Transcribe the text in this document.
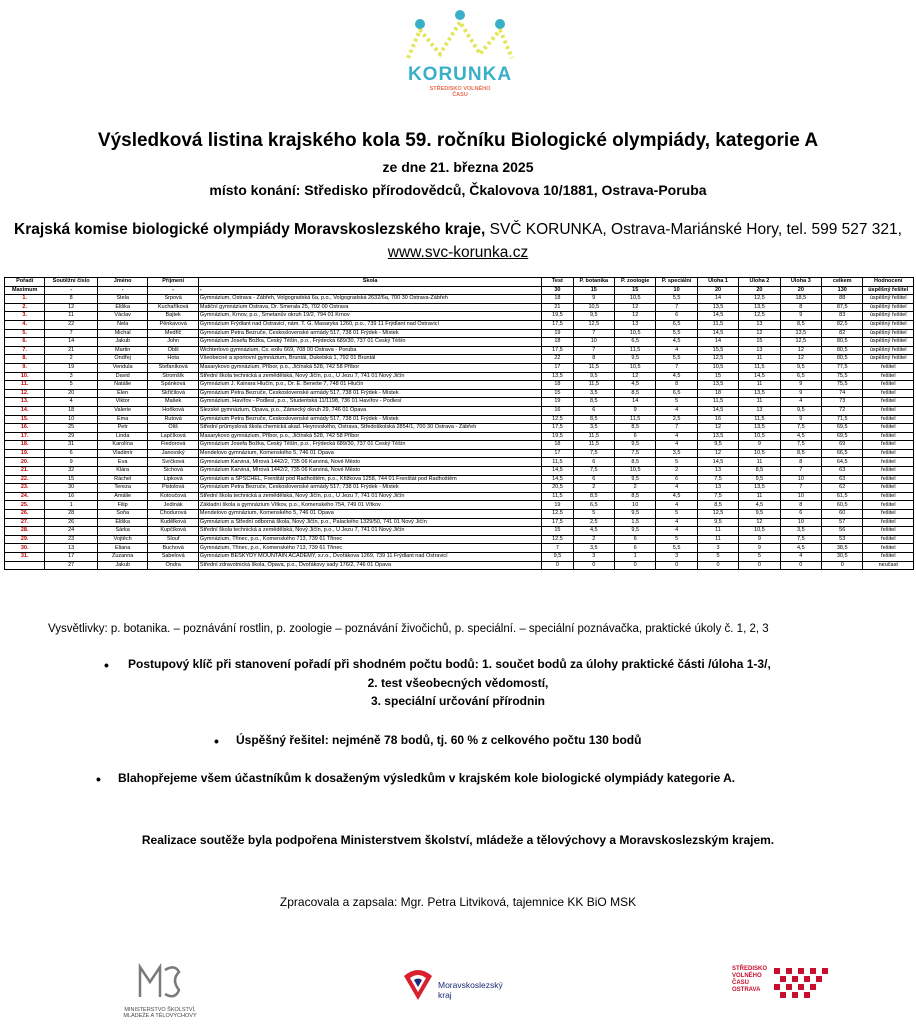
KORUNKA
STŘEDISKO VOLNÉHO
ČASU
Výsledková listina krajského kola 59. ročníku Biologické olympiády, kategorie A
ze dne 21. března 2025
místo konání: Středisko přírodovědců, Čkalovova 10/1881, Ostrava-Poruba
Krajská komise biologické olympiády Moravskoslezského kraje, SVČ KORUNKA, Ostrava-Mariánské Hory, tel. 599 527 321,
www.svc-korunka.cz
Pořadí	Soutěžní číslo	Jméno	Příjmení	Škola	Test	P. botanika	P. zoologie	P. speciální	Úloha 1	Úloha 2	Úloha 3	celkem	Hodnocení
Maximum	-	-	-	-	30	15	15	10	20	20	20	130	úspěšný řešitel
1.	8	Stela	Srpová	Gymnázium, Ostrava - Zábřeh, Volgogradská 6a, p.o., Volgogradská 2632/6a, 700 30 Ostrava-Zábřeh	18	9	10,5	5,5	14	12,5	18,5	88	úspěšný řešitel
2.	12	Eliška	Kuchaříková	Matiční gymnázium Ostrava, Dr. Šmerala 25, 702 00 Ostrava	21	10,5	12	7	13,5	13,5	8	87,5	úspěšný řešitel
3.	11	Václav	Bajtek	Gymnázium, Krnov, p.o., Smetanův okruh 19/2, 794 01 Krnov	19,5	9,5	12	6	14,5	12,5	9	83	úspěšný řešitel
4.	22	Nela	Pěnkavová	Gymnázium Frýdlant nad Ostravicí, nám. T. G. Masaryka 1260, p.o., 739 11 Frýdlant nad Ostravicí	17,5	12,5	13	6,5	11,5	13	8,5	82,5	úspěšný řešitel
5.	7	Michal	Medřič	Gymnázium Petra Bezruče, Československé armády 517, 738 01 Frýdek - Místek	19	7	10,5	5,5	14,5	12	13,5	82	úspěšný řešitel
6.	14	Jakub	John	Gymnázium Josefa Božka, Český Těšín, p.o., Frýdecká 689/30, 737 01 Český Těšín	18	10	6,5	4,5	14	15	12,5	80,5	úspěšný řešitel
7.	21	Martin	Oblil	Wichterlovo gymnázium, Čs. exilu 669, 708 00 Ostrava - Poruba	17,5	7	11,5	4	15,5	13	12	80,5	úspěšný řešitel
8.	2	Ondřej	Hota	Všeobecné a sportovní gymnázium, Bruntál, Dukelská 1, 792 01 Bruntál	22	8	9,5	5,5	12,5	11	12	80,5	úspěšný řešitel
9.	19	Vendula	Štefaníková	Masarykovo gymnázium, Příbor, p.o., Jičínská 528, 742 58 Příbor	17	11,5	10,5	7	10,5	11,5	9,5	77,5	řešitel
10.	3	David	Stromšík	Střední škola technická a zemědělská, Nový Jičín, p.o., U Jezu 7, 741 01 Nový Jičín	13,5	9,5	12	4,5	15	14,5	6,5	75,5	řešitel
11.	5	Natálie	Špánková	Gymnázium J. Kainara Hlučín, p.o., Dr. E. Beneše 7, 748 01 Hlučín	18	11,5	4,5	8	13,5	11	9	75,5	řešitel
12.	20	Elen	Skřičilová	Gymnázium Petra Bezruče, Československé armády 517, 738 01 Frýdek - Místek	15	3,5	8,5	6,5	18	13,5	9	74	řešitel
13.	4	Viktor	Mašek	Gymnázium, Havířov - Podlesí, p.o., Studentská 11/1198, 736 01 Havířov - Podlesí	19	8,5	14	5	11,5	11	4	73	řešitel
14.	18	Valerie	Hoňková	Slezské gymnázium, Opava, p.o., Zámecký okruh 29, 746 01 Opava	16	6	9	4	14,5	13	9,5	72	řešitel
15.	10	Ema	Rutová	Gymnázium Petra Bezruče, Československé armády 517, 738 01 Frýdek - Místek	12,5	8,5	11,5	2,5	16	11,5	9	71,5	řešitel
16.	25	Petr	Oliš	Střední průmyslová škola chemická akad. Heyrovského, Ostrava, Středoškolská 2854/1, 700 30 Ostrava - Zábřeh	17,5	3,5	8,5	7	12	13,5	7,5	69,5	řešitel
17.	29	Linda	Lapčíková	Masarykovo gymnázium, Příbor, p.o., Jičínská 528, 742 58 Příbor	19,5	11,5	6	4	13,5	10,5	4,5	69,5	řešitel
18.	31	Karolína	Fiedorová	Gymnázium Josefa Božka, Český Těšín, p.o., Frýdecká 689/30, 737 01 Český Těšín	18	11,5	9,5	4	9,5	9	7,5	69	řešitel
19.	6	Vladimír	Janovský	Mendelovo gymnázium, Komenského 5, 746 01 Opava	17	7,5	7,5	3,5	12	10,5	8,5	66,5	řešitel
20.	9	Eva	Svrčková	Gymnázium Karviná, Mírová 1442/2, 735 06 Karviná, Nové Město	11,5	6	8,5	5	14,5	11	8	64,5	řešitel
21.	32	Klára	Sichová	Gymnázium Karviná, Mírová 1442/2, 735 06 Karviná, Nové Město	14,5	7,5	10,5	2	13	8,5	7	63	řešitel
22.	15	Ráchel	Lipková	Gymnázium a SPŠCHEL, Frenštát pod Radhoštěm, p.o., Křižkova 1258, 744 01 Frenštát pod Radhoštěm	14,5	6	9,5	6	7,5	9,5	10	63	řešitel
23.	30	Tereza	Pistolová	Gymnázium Petra Bezruče, Československé armády 517, 738 01 Frýdek - Místek	20,5	2	2	4	13	13,5	7	62	řešitel
24.	16	Amálie	Kotoučová	Střední škola technická a zemědělská, Nový Jičín, p.o., U Jezu 7, 741 01 Nový Jičín	11,5	8,5	8,5	4,5	7,5	11	10	61,5	řešitel
25.	1	Filip	Jedinák	Základní škola a gymnázium Vítkov, p.o., Komenského 754, 749 01 Vítkov	19	6,5	10	4	8,5	4,5	8	60,5	řešitel
26.	28	Soňa	Chodurová	Mendelovo gymnázium, Komenského 5, 746 01 Opava	12,5	5	9,5	5	12,5	9,5	6	60	řešitel
27.	26	Eliška	Kudělková	Gymnázium a Střední odborná škola, Nový Jičín, p.o., Palackého 1329/50, 741 01 Nový Jičín	17,5	2,5	1,5	4	9,5	12	10	57	řešitel
28.	24	Šárka	Kupčíková	Střední škola technická a zemědělská, Nový Jičín, p.o., U Jezu 7, 741 01 Nový Jičín	15	4,5	9,5	4	11	10,5	3,5	56	řešitel
29.	23	Vojtěch	Šlouf	Gymnázium, Třinec, p.o., Komenského 713, 739 61 Třinec	12,5	2	6	5	11	9	7,5	53	řešitel
30.	13	Eliana	Buchová	Gymnázium, Třinec, p.o., Komenského 713, 739 61 Třinec	7	3,5	6	5,5	3	9	4,5	38,5	řešitel
31.	17	Zuzanna	Sabelová	Gymnázium BESKYDY MOUNTAIN ACADEMY, s.r.o., Dvořákova 1269, 739 11 Frýdlant nad Ostravicí	9,5	3	1	3	5	5	4	30,5	řešitel
	27	Jakub	Ondra	Střední zdravotnická škola, Opava, p.o., Dvořákovy sady 176/2, 746 01 Opava	0	0	0	0	0	0	0	0	neučast
Vysvětlivky: p. botanika. – poznávání rostlin, p. zoologie – poznávání živočichů, p. speciální. – speciální poznávačka, praktické úkoly č. 1, 2, 3
• Postupový klíč při stanovení pořadí při shodném počtu bodů: 1. součet bodů za úlohy praktické části /úloha 1-3/,
2. test všeobecných vědomostí,
3. speciální určování přírodnin
• Úspěšný řešitel: nejméně 78 bodů, tj. 60 % z celkového počtu 130 bodů
• Blahopřejeme všem účastníkům k dosaženým výsledkům v krajském kole biologické olympiády kategorie A.
Realizace soutěže byla podpořena Ministerstvem školství, mládeže a tělovýchovy a Moravskoslezským krajem.
Zpracovala a zapsala: Mgr. Petra Litviková, tajemnice KK BiO MSK
MINISTERSTVO ŠKOLSTVÍ,
MLÁDEŽE A TĚLOVÝCHOVY
Moravskoslezský
kraj
STŘEDISKO
VOLNÉHO
ČASU
OSTRAVA
